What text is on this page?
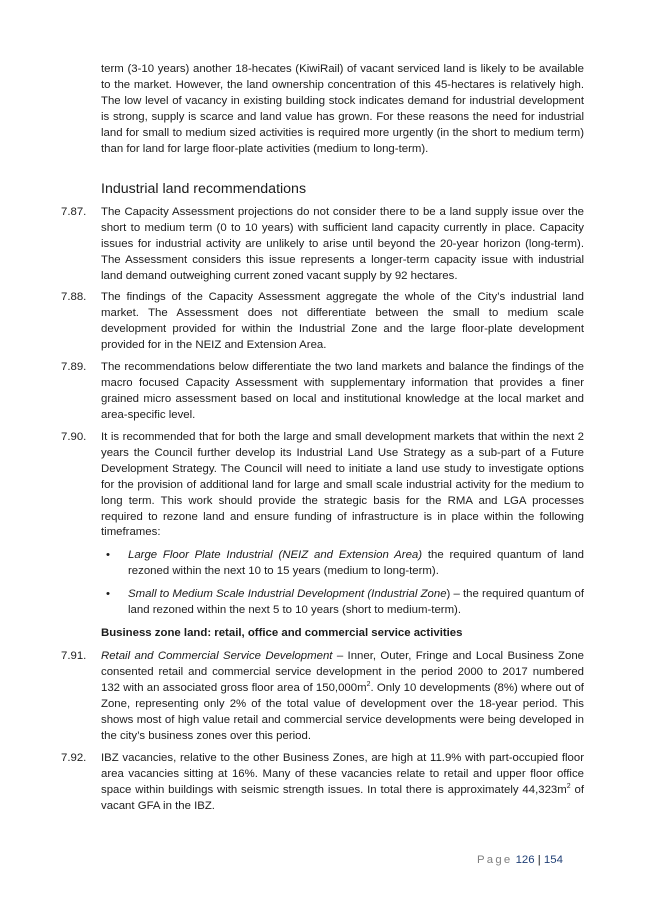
term (3-10 years) another 18-hecates (KiwiRail) of vacant serviced land is likely to be available to the market. However, the land ownership concentration of this 45-hectares is relatively high. The low level of vacancy in existing building stock indicates demand for industrial development is strong, supply is scarce and land value has grown. For these reasons the need for industrial land for small to medium sized activities is required more urgently (in the short to medium term) than for land for large floor-plate activities (medium to long-term).

Industrial land recommendations
7.87. The Capacity Assessment projections do not consider there to be a land supply issue over the short to medium term (0 to 10 years) with sufficient land capacity currently in place. Capacity issues for industrial activity are unlikely to arise until beyond the 20-year horizon (long-term). The Assessment considers this issue represents a longer-term capacity issue with industrial land demand outweighing current zoned vacant supply by 92 hectares.

7.88. The findings of the Capacity Assessment aggregate the whole of the City’s industrial land market. The Assessment does not differentiate between the small to medium scale development provided for within the Industrial Zone and the large floor-plate development provided for in the NEIZ and Extension Area.

7.89. The recommendations below differentiate the two land markets and balance the findings of the macro focused Capacity Assessment with supplementary information that provides a finer grained micro assessment based on local and institutional knowledge at the local market and area-specific level.

7.90. It is recommended that for both the large and small development markets that within the next 2 years the Council further develop its Industrial Land Use Strategy as a sub-part of a Future Development Strategy. The Council will need to initiate a land use study to investigate options for the provision of additional land for large and small scale industrial activity for the medium to long term. This work should provide the strategic basis for the RMA and LGA processes required to rezone land and ensure funding of infrastructure is in place within the following timeframes:

• Large Floor Plate Industrial (NEIZ and Extension Area) the required quantum of land rezoned within the next 10 to 15 years (medium to long-term).

• Small to Medium Scale Industrial Development (Industrial Zone) – the required quantum of land rezoned within the next 5 to 10 years (short to medium-term).

Business zone land: retail, office and commercial service activities
7.91. Retail and Commercial Service Development – Inner, Outer, Fringe and Local Business Zone consented retail and commercial service development in the period 2000 to 2017 numbered 132 with an associated gross floor area of $150,000m^2$. Only 10 developments (8%) where out of Zone, representing only 2% of the total value of development over the 18-year period. This shows most of high value retail and commercial service developments were being developed in the city’s business zones over this period.

7.92. IBZ vacancies, relative to the other Business Zones, are high at 11.9% with part-occupied floor area vacancies sitting at 16%. Many of these vacancies relate to retail and upper floor office space within buildings with seismic strength issues. In total there is approximately $44,323m^2$ of vacant GFA in the IBZ.

Page 126 | 154
